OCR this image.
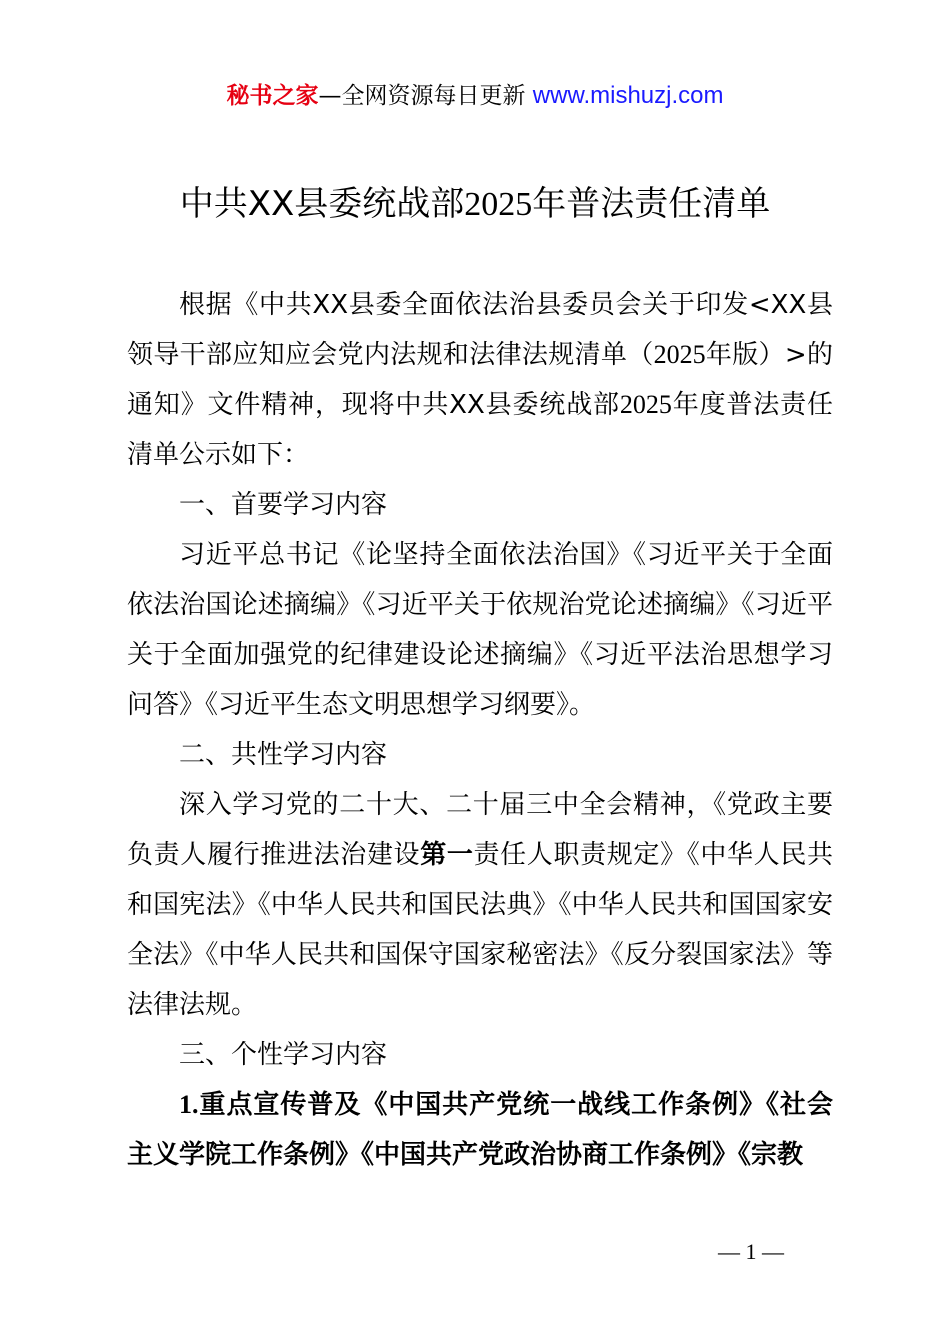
秘书之家—全网资源每日更新 www.mishuzj.com
中共XX县委统战部2025年普法责任清单

根据《中共XX县委全面依法治县委员会关于印发<XX县领导干部应知应会党内法规和法律法规清单（2025年版）>的通知》文件精神，现将中共XX县委统战部2025年度普法责任清单公示如下：

一、首要学习内容

习近平总书记《论坚持全面依法治国》《习近平关于全面依法治国论述摘编》《习近平关于依规治党论述摘编》《习近平关于全面加强党的纪律建设论述摘编》《习近平法治思想学习问答》《习近平生态文明思想学习纲要》。

二、共性学习内容

深入学习党的二十大、二十届三中全会精神，《党政主要负责人履行推进法治建设第一责任人职责规定》《中华人民共和国宪法》《中华人民共和国民法典》《中华人民共和国国家安全法》《中华人民共和国保守国家秘密法》《反分裂国家法》等法律法规。

三、个性学习内容

1.重点宣传普及《中国共产党统一战线工作条例》《社会主义学院工作条例》《中国共产党政治协商工作条例》《宗教

— 1 —
